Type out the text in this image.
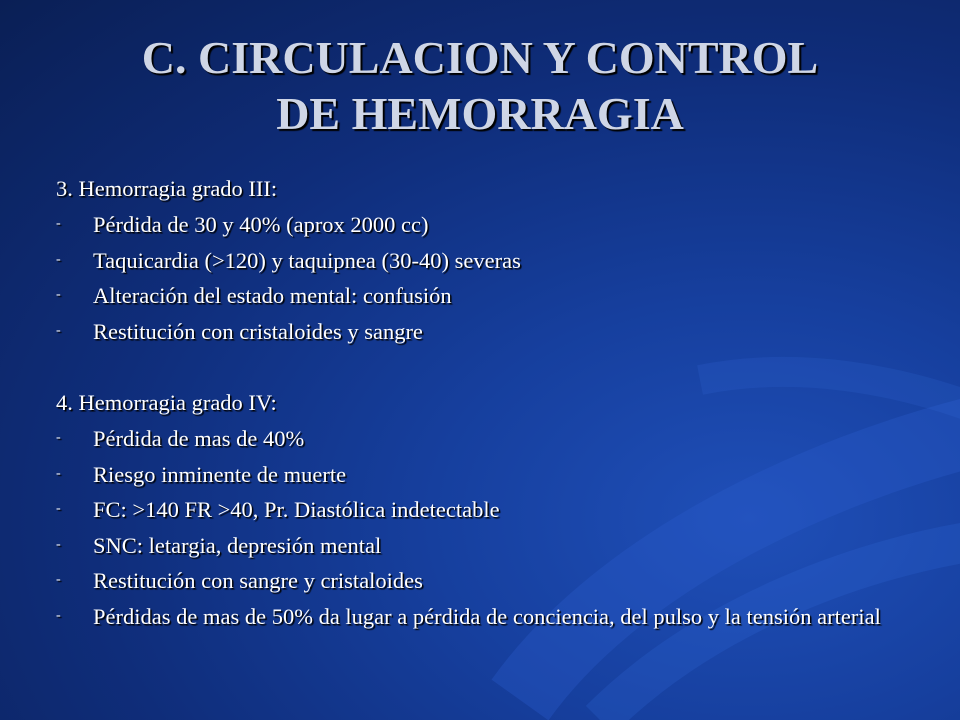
C. CIRCULACION Y CONTROL
DE HEMORRAGIA

3. Hemorragia grado III:

- Pérdida de 30 y 40% (aprox 2000 cc)
- Taquicardia (>120) y taquipnea (30-40) severas
- Alteración del estado mental: confusión
- Restitución con cristaloides y sangre

4. Hemorragia grado IV:

- Pérdida de mas de 40%
- Riesgo inminente de muerte
- FC: >140 FR >40, Pr. Diastólica indetectable
- SNC: letargia, depresión mental
- Restitución con sangre y cristaloides
- Pérdidas de mas de 50% da lugar a pérdida de conciencia, del pulso y la tensión arterial
